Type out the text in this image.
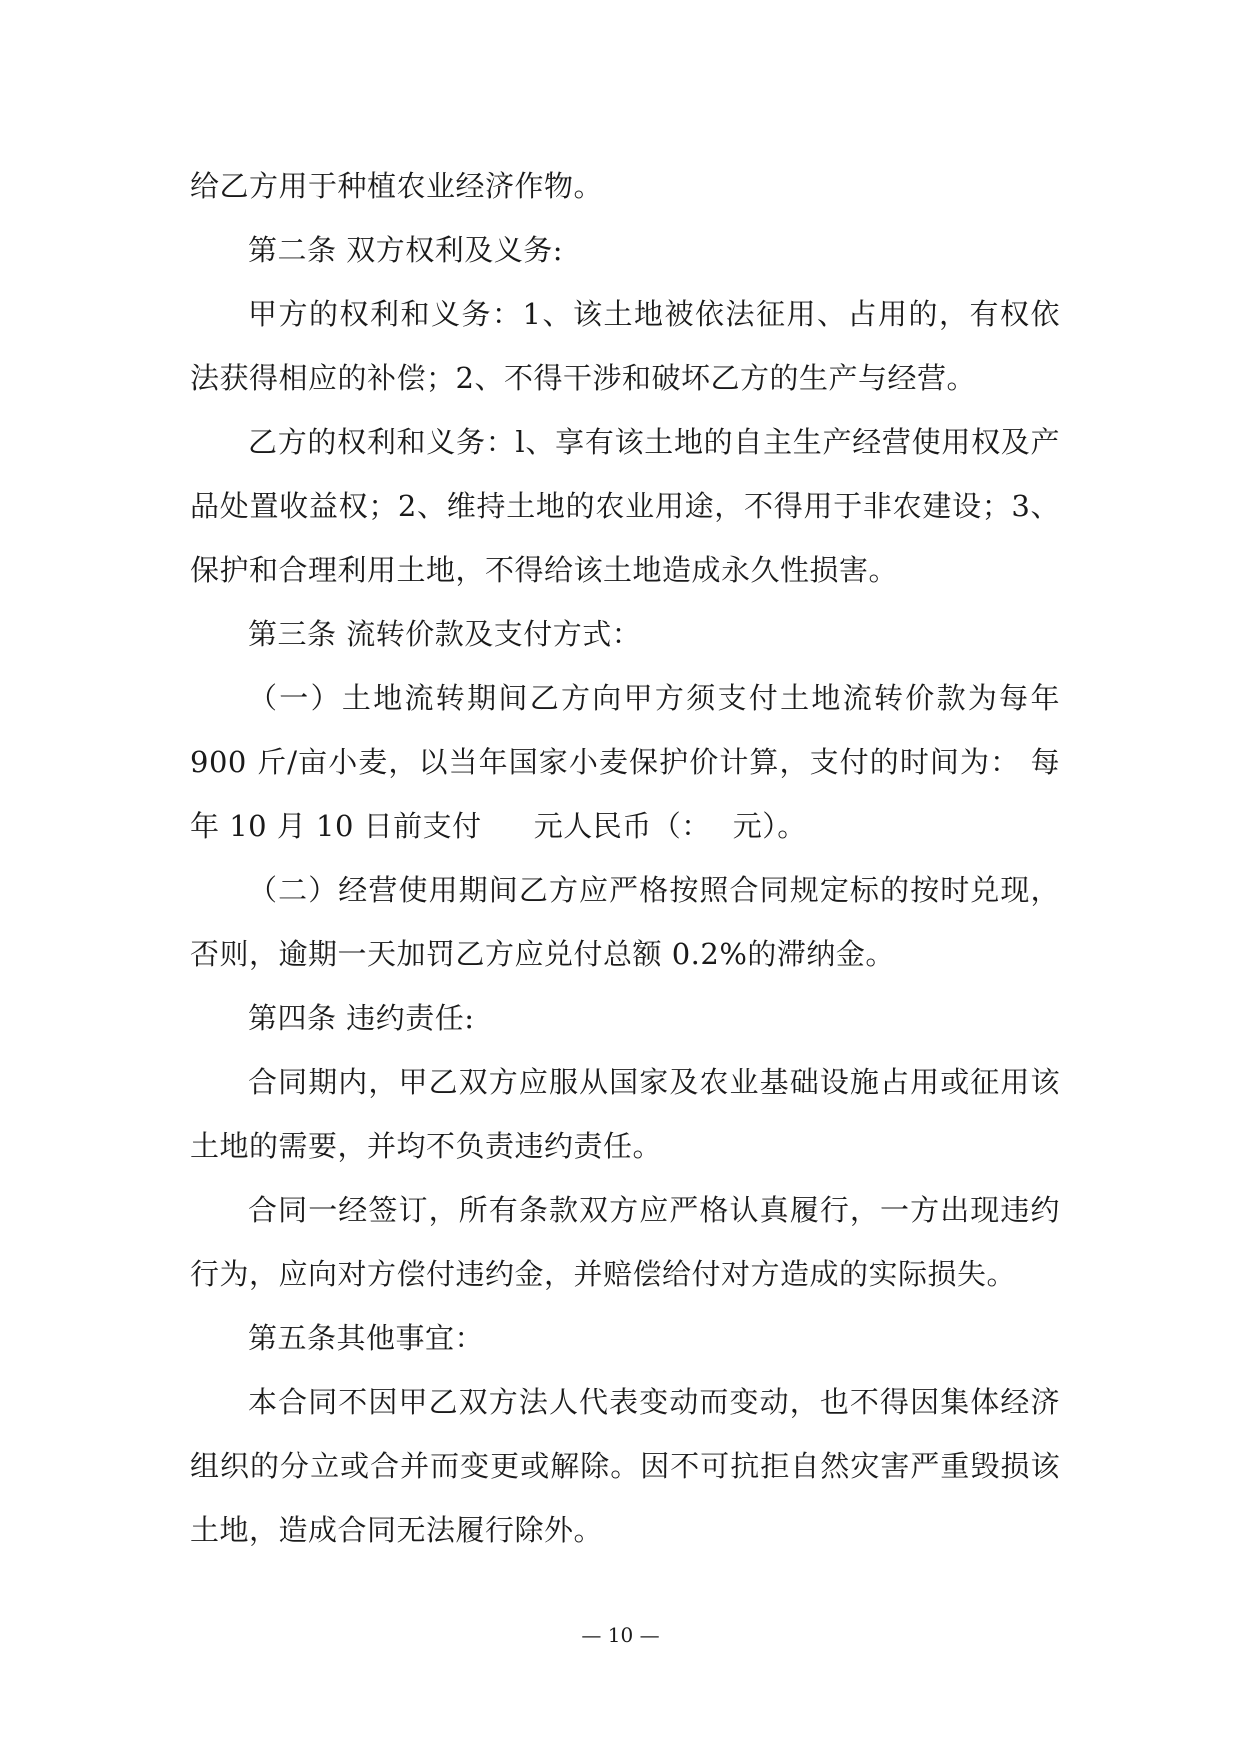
给乙方用于种植农业经济作物。

第二条 双方权利及义务:

甲方的权利和义务：1、该土地被依法征用、占用的，有权依法获得相应的补偿；2、不得干涉和破坏乙方的生产与经营。

乙方的权利和义务：l、享有该土地的自主生产经营使用权及产品处置收益权；2、维持土地的农业用途，不得用于非农建设；3、保护和合理利用土地，不得给该土地造成永久性损害。

第三条 流转价款及支付方式：

（一）土地流转期间乙方向甲方须支付土地流转价款为每年 900 斤/亩小麦，以当年国家小麦保护价计算，支付的时间为： 每年 10 月 10 日前支付 元人民币（： 元）。

（二）经营使用期间乙方应严格按照合同规定标的按时兑现，否则，逾期一天加罚乙方应兑付总额 0.2%的滞纳金。

第四条 违约责任:

合同期内，甲乙双方应服从国家及农业基础设施占用或征用该土地的需要，并均不负责违约责任。

合同一经签订，所有条款双方应严格认真履行，一方出现违约行为，应向对方偿付违约金，并赔偿给付对方造成的实际损失。

第五条其他事宜：

本合同不因甲乙双方法人代表变动而变动，也不得因集体经济组织的分立或合并而变更或解除。因不可抗拒自然灾害严重毁损该土地，造成合同无法履行除外。

— 10 —
